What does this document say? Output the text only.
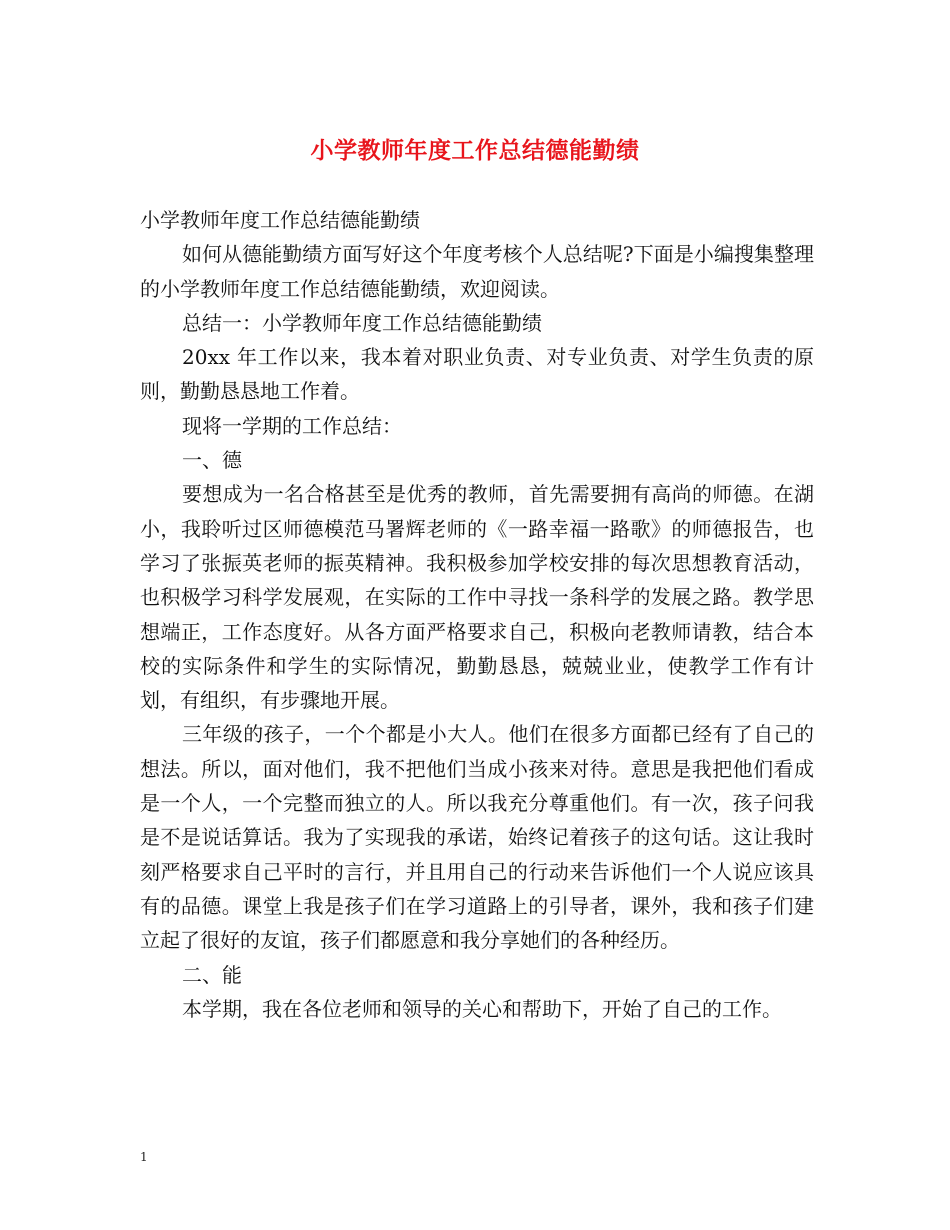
小学教师年度工作总结德能勤绩

小学教师年度工作总结德能勤绩

如何从德能勤绩方面写好这个年度考核个人总结呢?下面是小编搜集整理的小学教师年度工作总结德能勤绩，欢迎阅读。

总结一：小学教师年度工作总结德能勤绩

20xx 年工作以来，我本着对职业负责、对专业负责、对学生负责的原则，勤勤恳恳地工作着。

现将一学期的工作总结：

一、德

要想成为一名合格甚至是优秀的教师，首先需要拥有高尚的师德。在湖小，我聆听过区师德模范马署辉老师的《一路幸福一路歌》的师德报告，也学习了张振英老师的振英精神。我积极参加学校安排的每次思想教育活动，也积极学习科学发展观，在实际的工作中寻找一条科学的发展之路。教学思想端正，工作态度好。从各方面严格要求自己，积极向老教师请教，结合本校的实际条件和学生的实际情况，勤勤恳恳，兢兢业业，使教学工作有计划，有组织，有步骤地开展。

三年级的孩子，一个个都是小大人。他们在很多方面都已经有了自己的想法。所以，面对他们，我不把他们当成小孩来对待。意思是我把他们看成是一个人，一个完整而独立的人。所以我充分尊重他们。有一次，孩子问我是不是说话算话。我为了实现我的承诺，始终记着孩子的这句话。这让我时刻严格要求自己平时的言行，并且用自己的行动来告诉他们一个人说应该具有的品德。课堂上我是孩子们在学习道路上的引导者，课外，我和孩子们建立起了很好的友谊，孩子们都愿意和我分享她们的各种经历。

二、能

本学期，我在各位老师和领导的关心和帮助下，开始了自己的工作。

1
